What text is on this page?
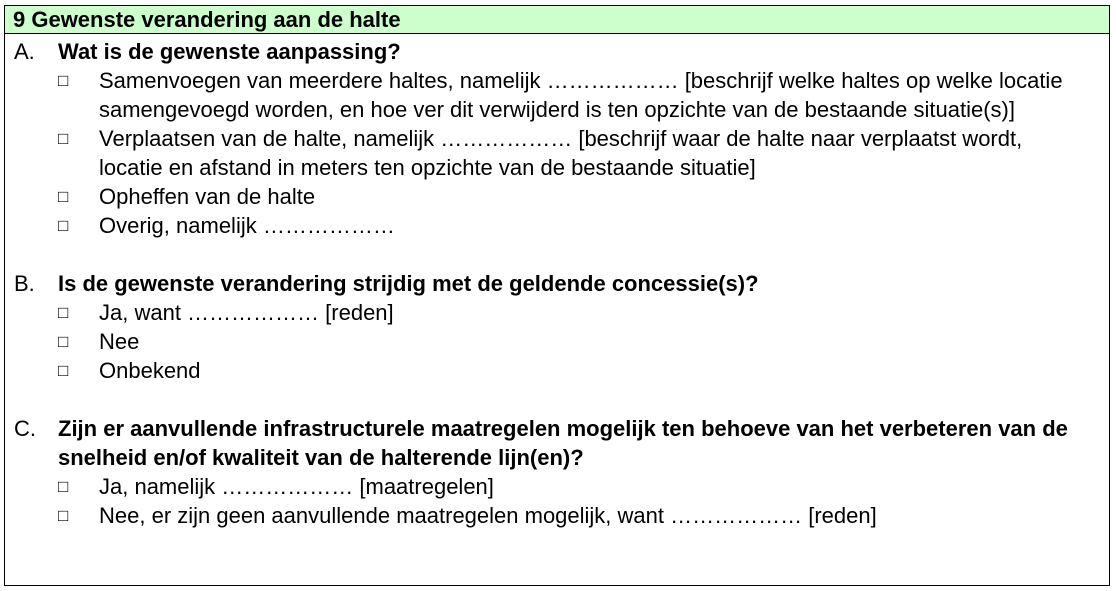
9 Gewenste verandering aan de halte
A.	Wat is de gewenste aanpassing?
□	Samenvoegen van meerdere haltes, namelijk ……………… [beschrijf welke haltes op welke locatie samengevoegd worden, en hoe ver dit verwijderd is ten opzichte van de bestaande situatie(s)]
□	Verplaatsen van de halte, namelijk ……………… [beschrijf waar de halte naar verplaatst wordt, locatie en afstand in meters ten opzichte van de bestaande situatie]
□	Opheffen van de halte
□	Overig, namelijk ………………
B.	Is de gewenste verandering strijdig met de geldende concessie(s)?
□	Ja, want ……………… [reden]
□	Nee
□	Onbekend
C.	Zijn er aanvullende infrastructurele maatregelen mogelijk ten behoeve van het verbeteren van de snelheid en/of kwaliteit van de halterende lijn(en)?
□	Ja, namelijk ……………… [maatregelen]
□	Nee, er zijn geen aanvullende maatregelen mogelijk, want ……………… [reden]
